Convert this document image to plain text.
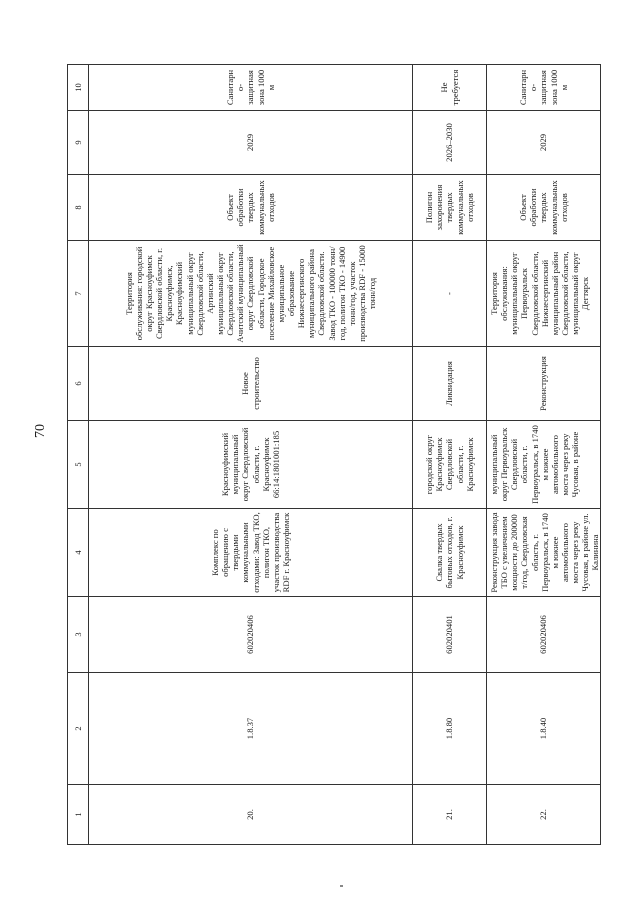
70
1	2	3	4	5	6	7	8	9	10
20.	1.8.37	602020406	Комплекс по обращению с твердыми коммунальными отходами: Завод ТКО, полигон ТКО, участок производства RDF г. Красноуфимск	Красноуфимский муниципальный округ Свердловской области, г. Красноуфимск 66:14:1801001:185	Новое строительство	Территория обслуживания: городской округ Красноуфимск Свердловской области, г. Красноуфимск, Красноуфимский муниципальный округ Свердловской области, Артинский муниципальный округ Свердловской области, Ачитский муниципальный округ Свердловской области, Городское поселение Михайловское муниципальное образование Нижнесергинского муниципального района Свердловской области. Завод ТКО - 100000 тонн/год, полигон ТКО - 14900 тонн/год, участок производства RDF - 15000 тонн/год	Объект обработки твердых коммунальных отходов	2029	Санитарно-защитная зона 1000 м
21.	1.8.80	602020401	Свалка твердых бытовых отходов, г. Красноуфимск	городской округ Красноуфимск Свердловской области, г. Красноуфимск	Ликвидация	-	Полигон захоронения твердых коммунальных отходов	2026–2030	Не требуется
22.	1.8.40	602020406	Реконструкция завода ТБО с увеличением мощности до 200000 т/год, Свердловская область, г. Первоуральск, в 1740 м южнее автомобильного моста через реку Чусовая, в районе ул. Калинина	муниципальный округ Первоуральск Свердловской области, г. Первоуральск, в 1740 м южнее автомобильного моста через реку Чусовая, в районе	Реконструкция	Территория обслуживания: муниципальный округ Первоуральск Свердловской области, Нижнесергинский муниципальный район Свердловской области, муниципальный округ Дегтярск	Объект обработки твердых коммунальных отходов	2029	Санитарно-защитная зона 1000 м
